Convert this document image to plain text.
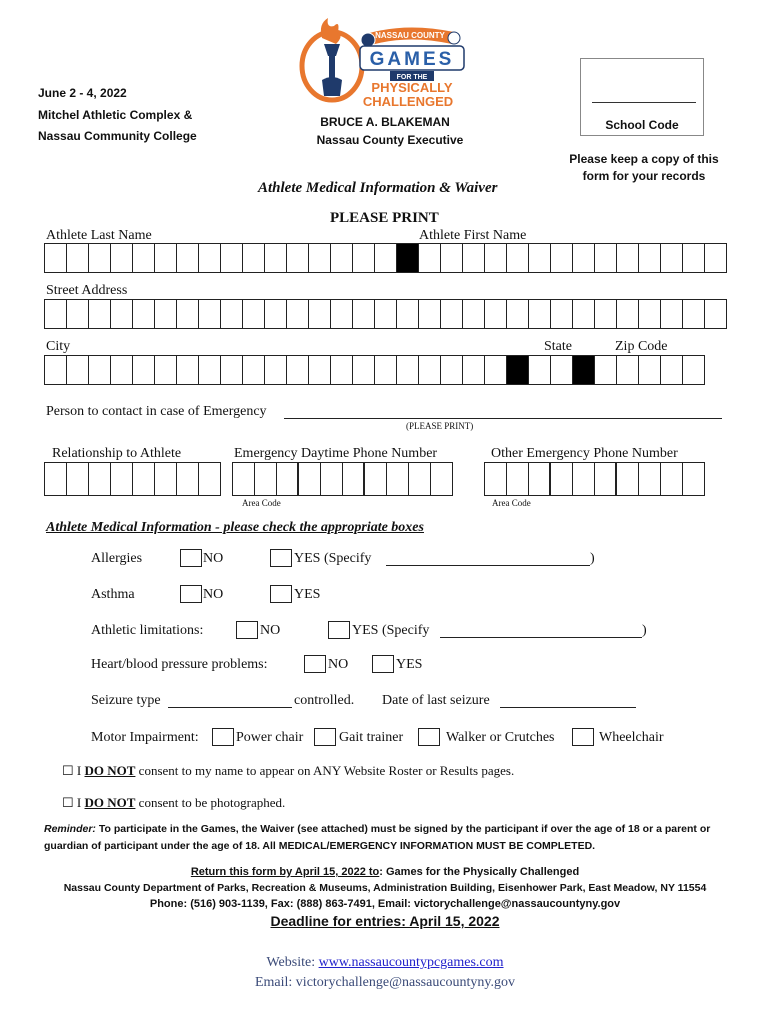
June 2 - 4, 2022
Mitchel Athletic Complex &
Nassau Community College
NASSAU COUNTY
GAMES
FOR THE
PHYSICALLY
CHALLENGED
BRUCE A. BLAKEMAN
Nassau County Executive
School Code
Please keep a copy of this
form for your records
Athlete Medical Information & Waiver
PLEASE PRINT
Athlete Last Name	Athlete First Name
Street Address
City	State	Zip Code
Person to contact in case of Emergency
(PLEASE PRINT)
Relationship to Athlete	Emergency Daytime Phone Number	Other Emergency Phone Number
Area Code	Area Code
Athlete Medical Information - please check the appropriate boxes
Allergies	NO	YES (Specify	)
Asthma	NO	YES
Athletic limitations:	NO	YES (Specify	)
Heart/blood pressure problems:	NO	YES
Seizure type	controlled. Date of last seizure
Motor Impairment:	Power chair	Gait trainer	Walker or Crutches	Wheelchair
☐ I DO NOT consent to my name to appear on ANY Website Roster or Results pages.
☐ I DO NOT consent to be photographed.
Reminder: To participate in the Games, the Waiver (see attached) must be signed by the participant if over the age of 18 or a parent or guardian of participant under the age of 18. All MEDICAL/EMERGENCY INFORMATION MUST BE COMPLETED.
Return this form by April 15, 2022 to: Games for the Physically Challenged
Nassau County Department of Parks, Recreation & Museums, Administration Building, Eisenhower Park, East Meadow, NY 11554
Phone: (516) 903-1139, Fax: (888) 863-7491, Email: victorychallenge@nassaucountyny.gov
Deadline for entries: April 15, 2022
Website: www.nassaucountypcgames.com
Email: victorychallenge@nassaucountyny.gov
